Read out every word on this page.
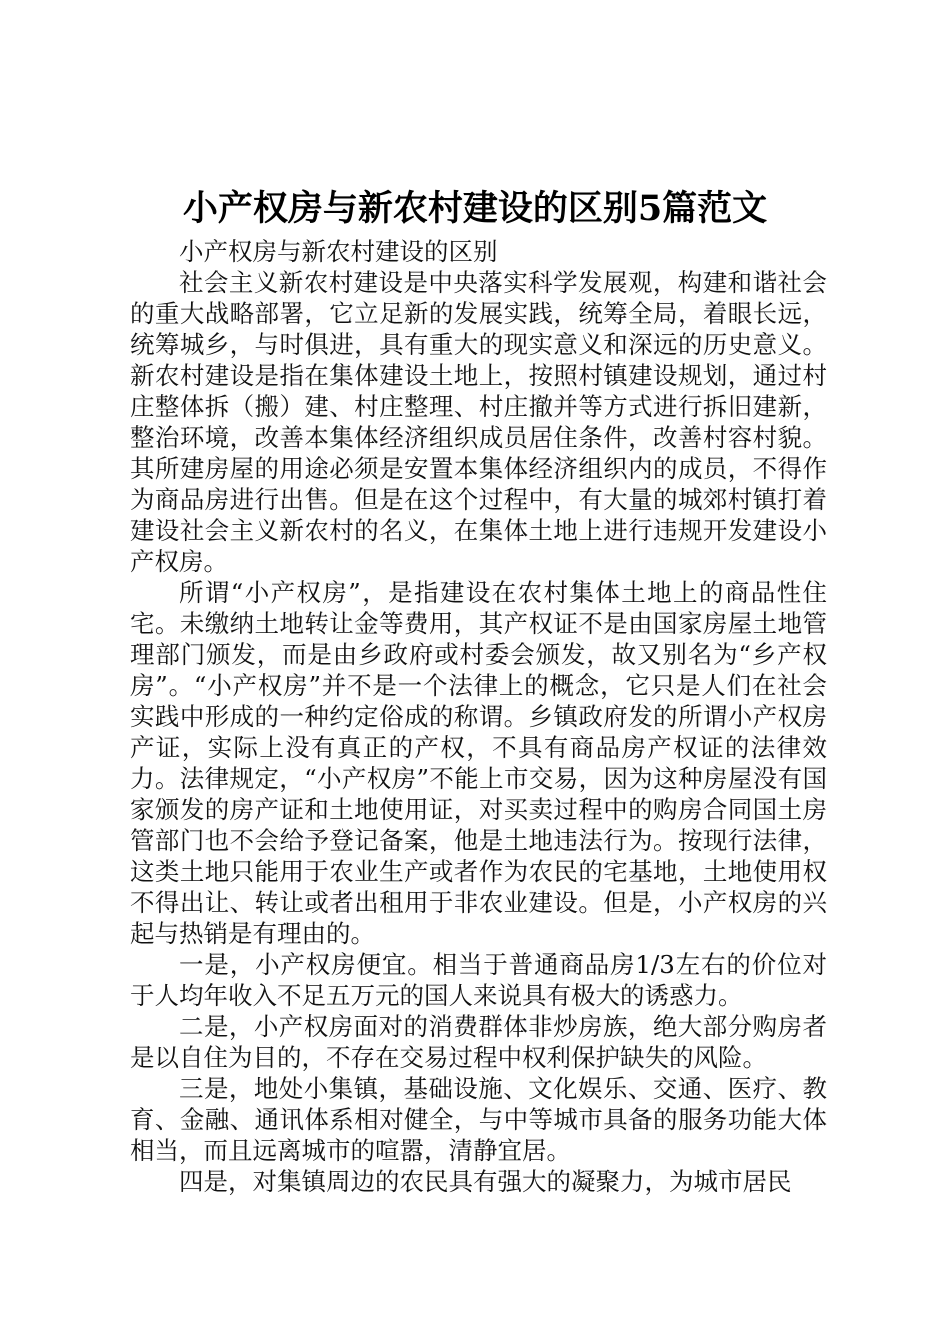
小产权房与新农村建设的区别5篇范文

小产权房与新农村建设的区别

社会主义新农村建设是中央落实科学发展观，构建和谐社会的重大战略部署，它立足新的发展实践，统筹全局，着眼长远，统筹城乡，与时俱进，具有重大的现实意义和深远的历史意义。新农村建设是指在集体建设土地上，按照村镇建设规划，通过村庄整体拆（搬）建、村庄整理、村庄撤并等方式进行拆旧建新，整治环境，改善本集体经济组织成员居住条件，改善村容村貌。其所建房屋的用途必须是安置本集体经济组织内的成员，不得作为商品房进行出售。但是在这个过程中，有大量的城郊村镇打着建设社会主义新农村的名义，在集体土地上进行违规开发建设小产权房。

所谓“小产权房”，是指建设在农村集体土地上的商品性住宅。未缴纳土地转让金等费用，其产权证不是由国家房屋土地管理部门颁发，而是由乡政府或村委会颁发，故又别名为“乡产权房”。“小产权房”并不是一个法律上的概念，它只是人们在社会实践中形成的一种约定俗成的称谓。乡镇政府发的所谓小产权房产证，实际上没有真正的产权，不具有商品房产权证的法律效力。法律规定，“小产权房”不能上市交易，因为这种房屋没有国家颁发的房产证和土地使用证，对买卖过程中的购房合同国土房管部门也不会给予登记备案，他是土地违法行为。按现行法律，这类土地只能用于农业生产或者作为农民的宅基地，土地使用权不得出让、转让或者出租用于非农业建设。但是，小产权房的兴起与热销是有理由的。

一是，小产权房便宜。相当于普通商品房1/3左右的价位对于人均年收入不足五万元的国人来说具有极大的诱惑力。

二是，小产权房面对的消费群体非炒房族，绝大部分购房者是以自住为目的，不存在交易过程中权利保护缺失的风险。

三是，地处小集镇，基础设施、文化娱乐、交通、医疗、教育、金融、通讯体系相对健全，与中等城市具备的服务功能大体相当，而且远离城市的喧嚣，清静宜居。

四是，对集镇周边的农民具有强大的凝聚力，为城市居民
